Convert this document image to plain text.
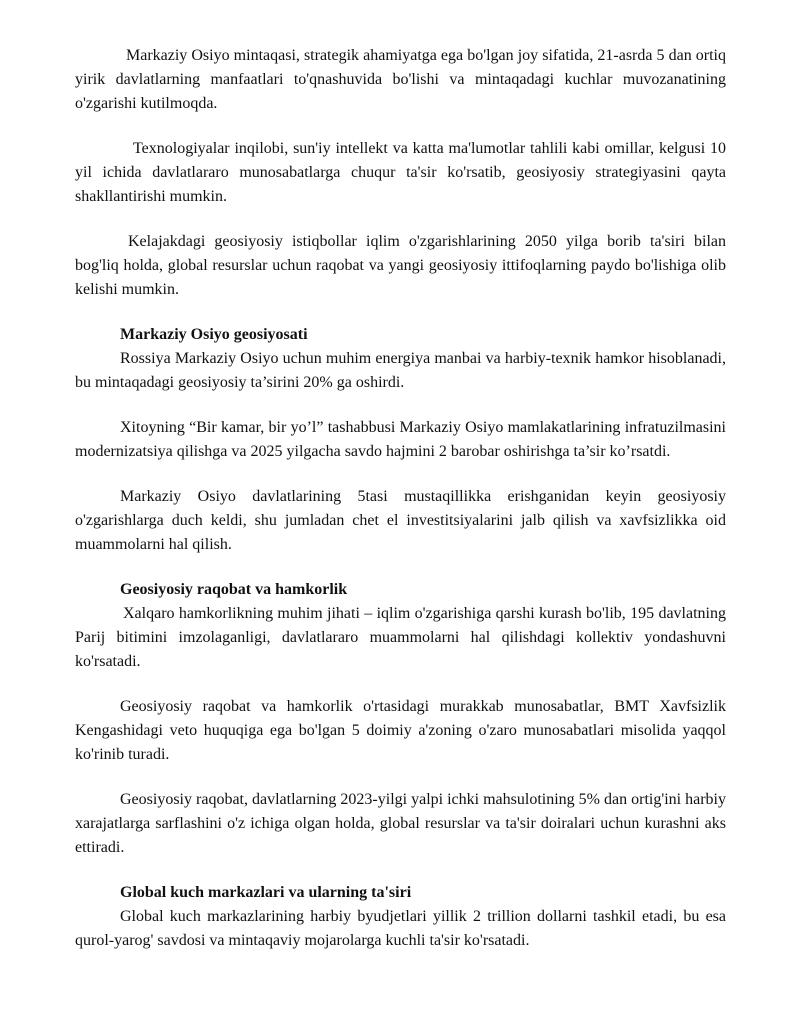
Markaziy Osiyo mintaqasi, strategik ahamiyatga ega bo'lgan joy sifatida, 21-asrda 5 dan ortiq yirik davlatlarning manfaatlari to'qnashuvida bo'lishi va mintaqadagi kuchlar muvozanatining o'zgarishi kutilmoqda.

Texnologiyalar inqilobi, sun'iy intellekt va katta ma'lumotlar tahlili kabi omillar, kelgusi 10 yil ichida davlatlararo munosabatlarga chuqur ta'sir ko'rsatib, geosiyosiy strategiyasini qayta shakllantirishi mumkin.

Kelajakdagi geosiyosiy istiqbollar iqlim o'zgarishlarining 2050 yilga borib ta'siri bilan bog'liq holda, global resurslar uchun raqobat va yangi geosiyosiy ittifoqlarning paydo bo'lishiga olib kelishi mumkin.

Markaziy Osiyo geosiyosati

Rossiya Markaziy Osiyo uchun muhim energiya manbai va harbiy-texnik hamkor hisoblanadi, bu mintaqadagi geosiyosiy ta’sirini 20% ga oshirdi.

Xitoyning “Bir kamar, bir yo’l” tashabbusi Markaziy Osiyo mamlakatlarining infratuzilmasini modernizatsiya qilishga va 2025 yilgacha savdo hajmini 2 barobar oshirishga ta’sir ko’rsatdi.

Markaziy Osiyo davlatlarining 5tasi mustaqillikka erishganidan keyin geosiyosiy o'zgarishlarga duch keldi, shu jumladan chet el investitsiyalarini jalb qilish va xavfsizlikka oid muammolarni hal qilish.

Geosiyosiy raqobat va hamkorlik

Xalqaro hamkorlikning muhim jihati – iqlim o'zgarishiga qarshi kurash bo'lib, 195 davlatning Parij bitimini imzolaganligi, davlatlararo muammolarni hal qilishdagi kollektiv yondashuvni ko'rsatadi.

Geosiyosiy raqobat va hamkorlik o'rtasidagi murakkab munosabatlar, BMT Xavfsizlik Kengashidagi veto huquqiga ega bo'lgan 5 doimiy a'zoning o'zaro munosabatlari misolida yaqqol ko'rinib turadi.

Geosiyosiy raqobat, davlatlarning 2023-yilgi yalpi ichki mahsulotining 5% dan ortig'ini harbiy xarajatlarga sarflashini o'z ichiga olgan holda, global resurslar va ta'sir doiralari uchun kurashni aks ettiradi.

Global kuch markazlari va ularning ta'siri

Global kuch markazlarining harbiy byudjetlari yillik 2 trillion dollarni tashkil etadi, bu esa qurol-yarog' savdosi va mintaqaviy mojarolarga kuchli ta'sir ko'rsatadi.
